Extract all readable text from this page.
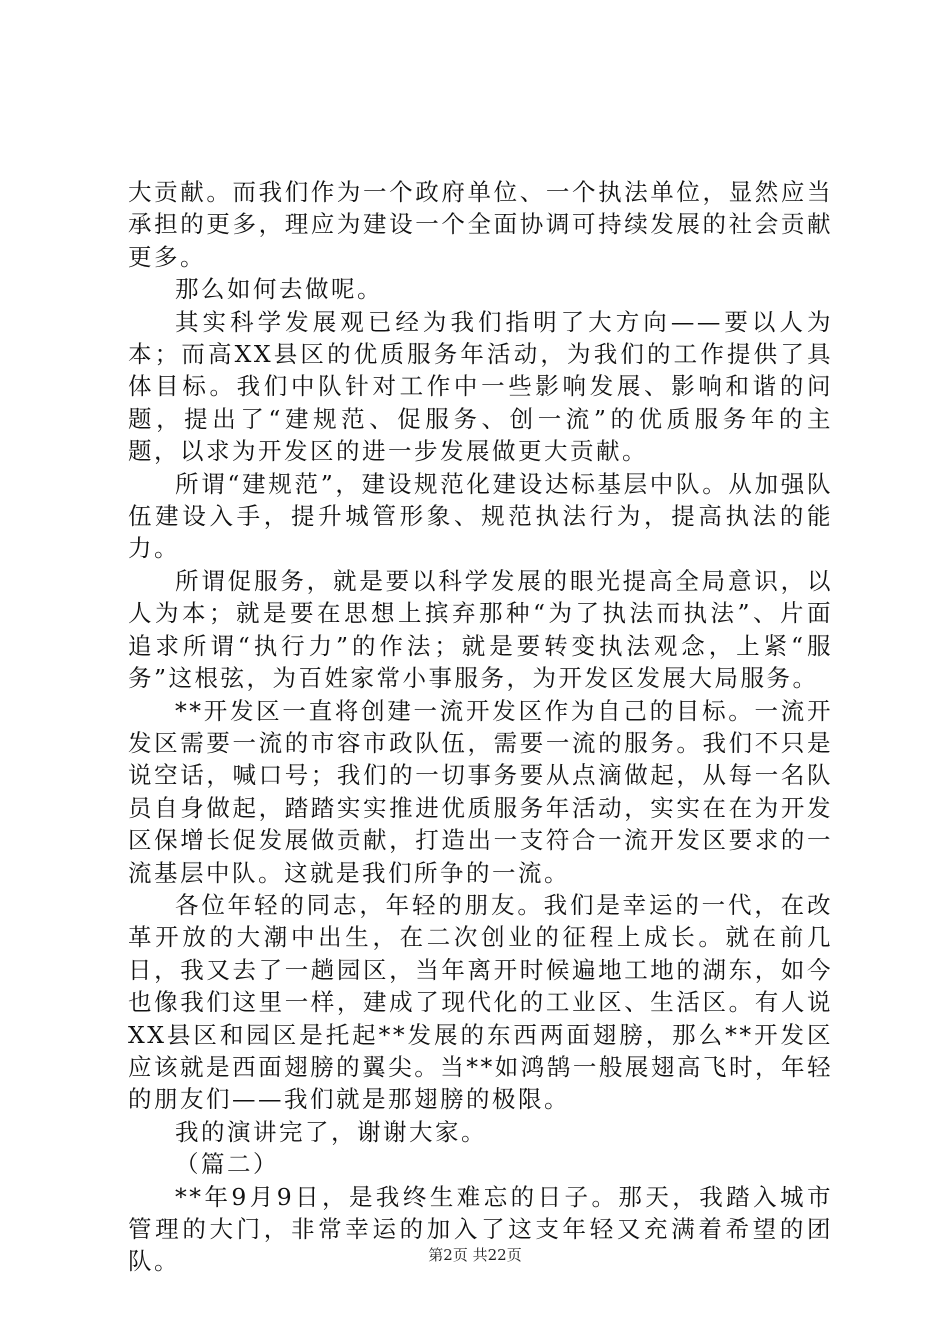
大贡献。而我们作为一个政府单位、一个执法单位，显然应当承担的更多，理应为建设一个全面协调可持续发展的社会贡献更多。

那么如何去做呢。

其实科学发展观已经为我们指明了大方向——要以人为本；而高XX县区的优质服务年活动，为我们的工作提供了具体目标。我们中队针对工作中一些影响发展、影响和谐的问题，提出了“建规范、促服务、创一流”的优质服务年的主题，以求为开发区的进一步发展做更大贡献。

所谓“建规范”，建设规范化建设达标基层中队。从加强队伍建设入手，提升城管形象、规范执法行为，提高执法的能力。

所谓促服务，就是要以科学发展的眼光提高全局意识，以人为本；就是要在思想上摈弃那种“为了执法而执法”、片面追求所谓“执行力”的作法；就是要转变执法观念，上紧“服务”这根弦，为百姓家常小事服务，为开发区发展大局服务。

**开发区一直将创建一流开发区作为自己的目标。一流开发区需要一流的市容市政队伍，需要一流的服务。我们不只是说空话，喊口号；我们的一切事务要从点滴做起，从每一名队员自身做起，踏踏实实推进优质服务年活动，实实在在为开发区保增长促发展做贡献，打造出一支符合一流开发区要求的一流基层中队。这就是我们所争的一流。

各位年轻的同志，年轻的朋友。我们是幸运的一代，在改革开放的大潮中出生，在二次创业的征程上成长。就在前几日，我又去了一趟园区，当年离开时候遍地工地的湖东，如今也像我们这里一样，建成了现代化的工业区、生活区。有人说XX县区和园区是托起**发展的东西两面翅膀，那么**开发区应该就是西面翅膀的翼尖。当**如鸿鹄一般展翅高飞时，年轻的朋友们——我们就是那翅膀的极限。

我的演讲完了，谢谢大家。

（篇二）

**年9月9日，是我终生难忘的日子。那天，我踏入城市管理的大门，非常幸运的加入了这支年轻又充满着希望的团队。	第2页 共22页
